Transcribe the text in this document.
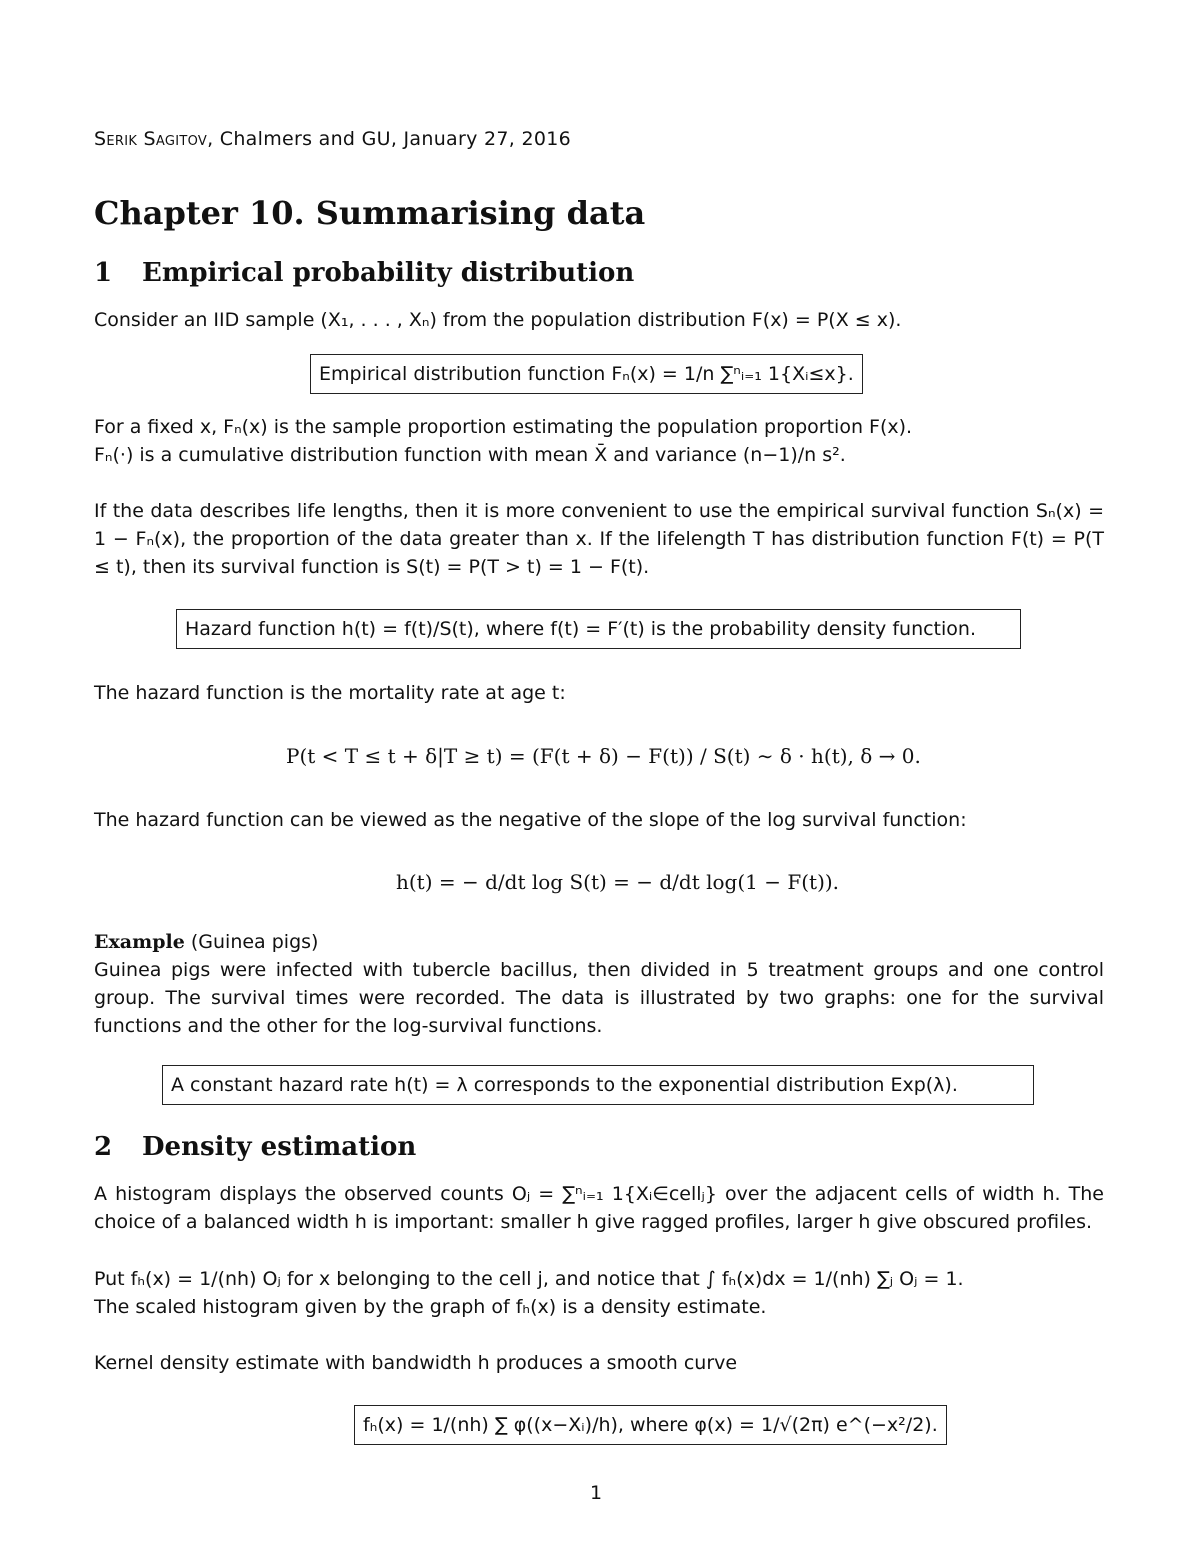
Serik Sagitov, Chalmers and GU, January 27, 2016
Chapter 10. Summarising data
1 Empirical probability distribution
Consider an IID sample (X₁, . . . , Xₙ) from the population distribution F(x) = P(X ≤ x).
Empirical distribution function Fₙ(x) = 1/n ∑ⁿᵢ₌₁ 1{Xᵢ≤x}.
For a fixed x, Fₙ(x) is the sample proportion estimating the population proportion F(x).
Fₙ(·) is a cumulative distribution function with mean X̄ and variance (n−1)/n s².
If the data describes life lengths, then it is more convenient to use the empirical survival function Sₙ(x) = 1 − Fₙ(x), the proportion of the data greater than x. If the lifelength T has distribution function F(t) = P(T ≤ t), then its survival function is S(t) = P(T > t) = 1 − F(t).
Hazard function h(t) = f(t)/S(t), where f(t) = F′(t) is the probability density function.
The hazard function is the mortality rate at age t:
P(t < T ≤ t + δ|T ≥ t) = (F(t + δ) − F(t)) / S(t) ∼ δ · h(t), δ → 0.
The hazard function can be viewed as the negative of the slope of the log survival function:
h(t) = − d/dt log S(t) = − d/dt log(1 − F(t)).
Example (Guinea pigs)
Guinea pigs were infected with tubercle bacillus, then divided in 5 treatment groups and one control group. The survival times were recorded. The data is illustrated by two graphs: one for the survival functions and the other for the log-survival functions.
A constant hazard rate h(t) = λ corresponds to the exponential distribution Exp(λ).
2 Density estimation
A histogram displays the observed counts Oⱼ = ∑ⁿᵢ₌₁ 1{Xᵢ∈cellⱼ} over the adjacent cells of width h. The choice of a balanced width h is important: smaller h give ragged profiles, larger h give obscured profiles.
Put fₕ(x) = 1/(nh) Oⱼ for x belonging to the cell j, and notice that ∫ fₕ(x)dx = 1/(nh) ∑ⱼ Oⱼ = 1.
The scaled histogram given by the graph of fₕ(x) is a density estimate.
Kernel density estimate with bandwidth h produces a smooth curve
fₕ(x) = 1/(nh) ∑ φ((x−Xᵢ)/h), where φ(x) = 1/√(2π) e^(−x²/2).
1
